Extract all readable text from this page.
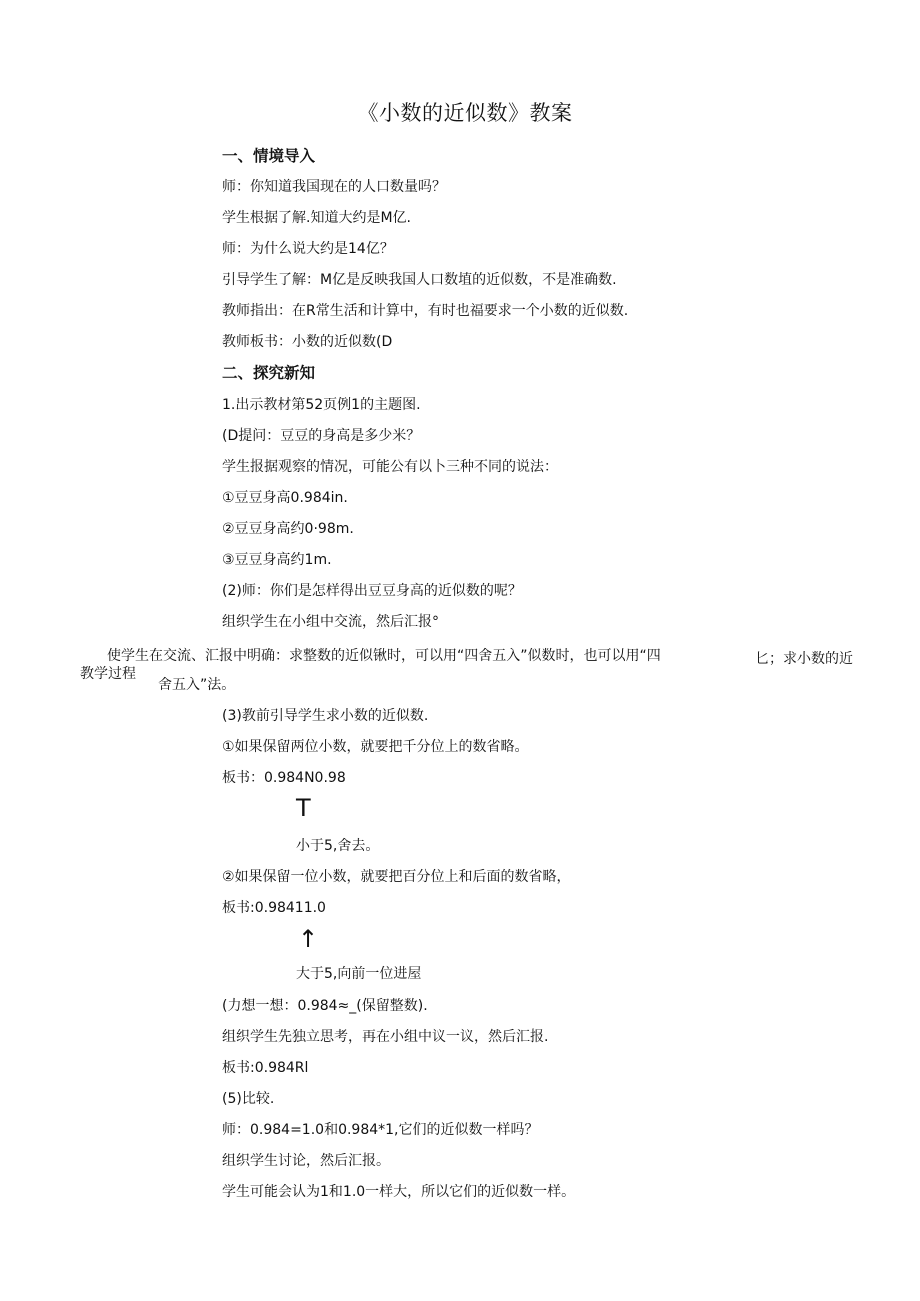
《小数的近似数》教案
一、情境导入
师：你知道我国现在的人口数量吗？
学生根据了解.知道大约是M亿.
师：为什么说大约是14亿？
引导学生了解：M亿是反映我国人口数埴的近似数，不是准确数.
教师指出：在R常生活和计算中，有时也福要求一个小数的近似数.
教师板书：小数的近似数(D
二、探究新知
1.出示教材第52页例1的主题图.
(D提问：豆豆的身高是多少米？
学生报据观察的情况，可能公有以卜三种不同的说法：
①豆豆身高0.984in.
②豆豆身高约0·98m.
③豆豆身高约1m.
(2)师：你们是怎样得出豆豆身高的近似数的呢？
组织学生在小组中交流，然后汇报°
使学生在交流、汇报中明确：求整数的近似锹时，可以用“四舍五入”似数时，也可以用“四	匕；求小数的近
教学过程
舍五入”法。
(3)教前引导学生求小数的近似数.
①如果保留两位小数，就要把千分位上的数省略。
板书：0.984N0.98
T
小于5,舍去。
②如果保留一位小数，就要把百分位上和后面的数省略，
板书:0.98411.0
↑
大于5,向前一位进屋
(力想一想：0.984≈_(保留整数).
组织学生先独立思考，再在小组中议一议，然后汇报.
板书:0.984Rl
(5)比较.
师：0.984=1.0和0.984*1,它们的近似数一样吗？
组织学生讨论，然后汇报。
学生可能会认为1和1.0一样大，所以它们的近似数一样。
